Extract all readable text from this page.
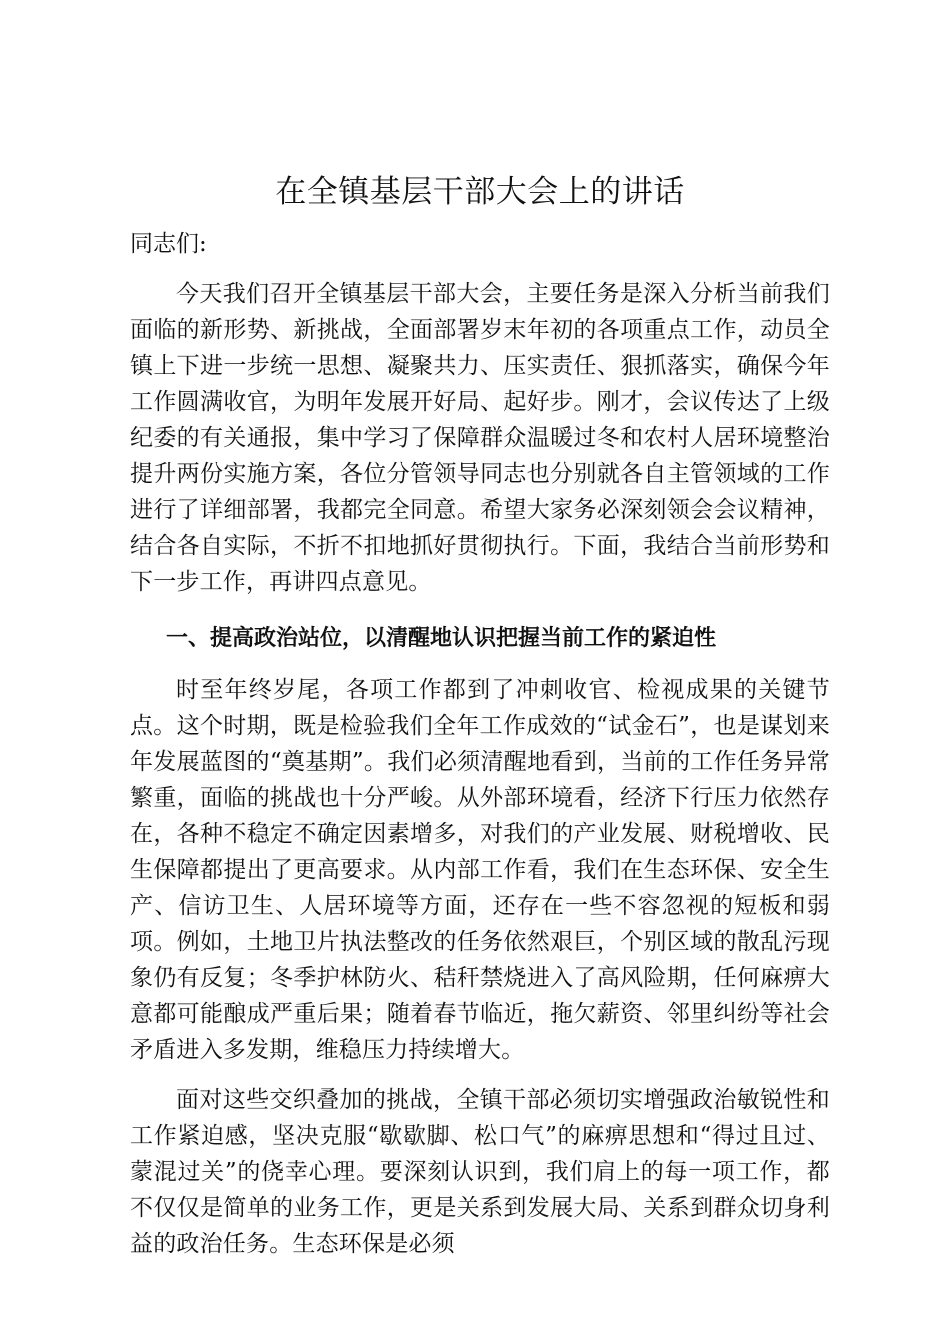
在全镇基层干部大会上的讲话
同志们:

今天我们召开全镇基层干部大会，主要任务是深入分析当前我们面临的新形势、新挑战，全面部署岁末年初的各项重点工作，动员全镇上下进一步统一思想、凝聚共力、压实责任、狠抓落实，确保今年工作圆满收官，为明年发展开好局、起好步。刚才，会议传达了上级纪委的有关通报，集中学习了保障群众温暖过冬和农村人居环境整治提升两份实施方案，各位分管领导同志也分别就各自主管领域的工作进行了详细部署，我都完全同意。希望大家务必深刻领会会议精神，结合各自实际，不折不扣地抓好贯彻执行。下面，我结合当前形势和下一步工作，再讲四点意见。

一、提高政治站位，以清醒地认识把握当前工作的紧迫性

时至年终岁尾，各项工作都到了冲刺收官、检视成果的关键节点。这个时期，既是检验我们全年工作成效的“试金石”，也是谋划来年发展蓝图的“奠基期”。我们必须清醒地看到，当前的工作任务异常繁重，面临的挑战也十分严峻。从外部环境看，经济下行压力依然存在，各种不稳定不确定因素增多，对我们的产业发展、财税增收、民生保障都提出了更高要求。从内部工作看，我们在生态环保、安全生产、信访卫生、人居环境等方面，还存在一些不容忽视的短板和弱项。例如，土地卫片执法整改的任务依然艰巨，个别区域的散乱污现象仍有反复；冬季护林防火、秸秆禁烧进入了高风险期，任何麻痹大意都可能酿成严重后果；随着春节临近，拖欠薪资、邻里纠纷等社会矛盾进入多发期，维稳压力持续增大。

面对这些交织叠加的挑战，全镇干部必须切实增强政治敏锐性和工作紧迫感，坚决克服“歇歇脚、松口气”的麻痹思想和“得过且过、蒙混过关”的侥幸心理。要深刻认识到，我们肩上的每一项工作，都不仅仅是简单的业务工作，更是关系到发展大局、关系到群众切身利益的政治任务。生态环保是必须
